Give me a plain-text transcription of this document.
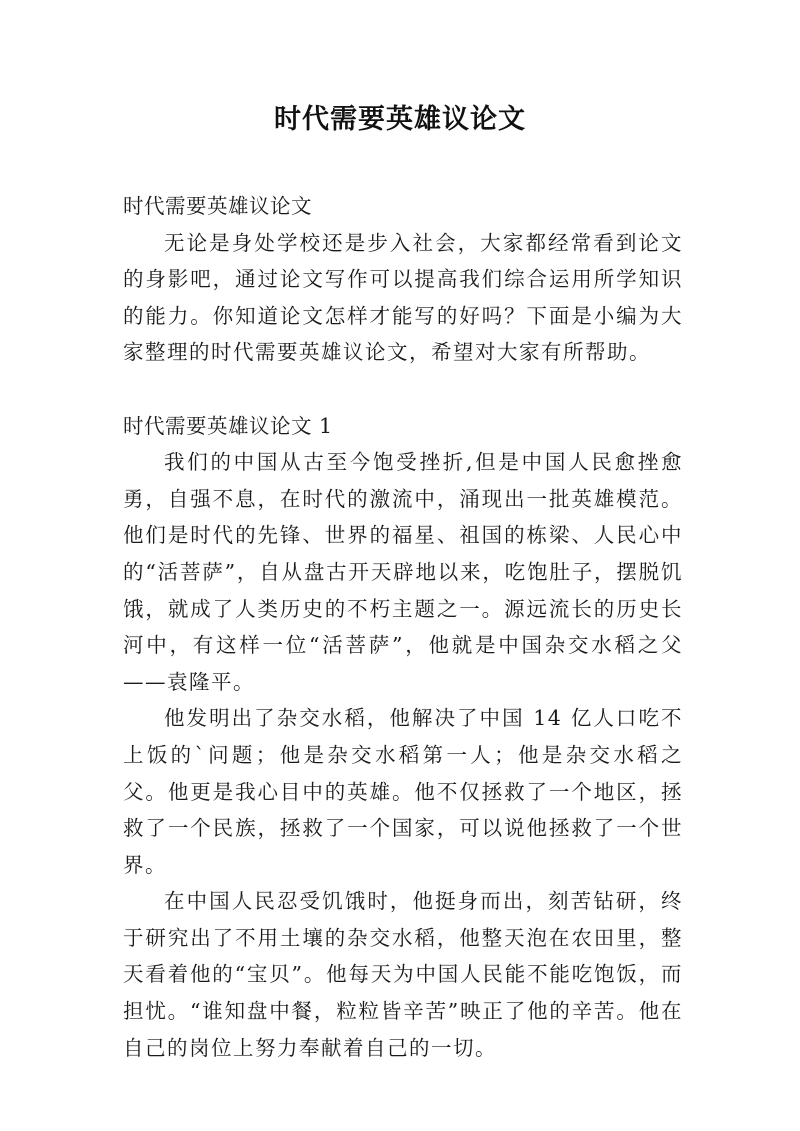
时代需要英雄议论文

时代需要英雄议论文

无论是身处学校还是步入社会，大家都经常看到论文的身影吧，通过论文写作可以提高我们综合运用所学知识的能力。你知道论文怎样才能写的好吗？下面是小编为大家整理的时代需要英雄议论文，希望对大家有所帮助。

时代需要英雄议论文 1

我们的中国从古至今饱受挫折,但是中国人民愈挫愈勇，自强不息，在时代的激流中，涌现出一批英雄模范。他们是时代的先锋、世界的福星、祖国的栋梁、人民心中的“活菩萨”，自从盘古开天辟地以来，吃饱肚子，摆脱饥饿，就成了人类历史的不朽主题之一。源远流长的历史长河中，有这样一位“活菩萨”，他就是中国杂交水稻之父——袁隆平。

他发明出了杂交水稻，他解决了中国 14 亿人口吃不上饭的`问题；他是杂交水稻第一人；他是杂交水稻之父。他更是我心目中的英雄。他不仅拯救了一个地区，拯救了一个民族，拯救了一个国家，可以说他拯救了一个世界。

在中国人民忍受饥饿时，他挺身而出，刻苦钻研，终于研究出了不用土壤的杂交水稻，他整天泡在农田里，整天看着他的“宝贝”。他每天为中国人民能不能吃饱饭，而担忧。“谁知盘中餐，粒粒皆辛苦”映正了他的辛苦。他在自己的岗位上努力奉献着自己的一切。
